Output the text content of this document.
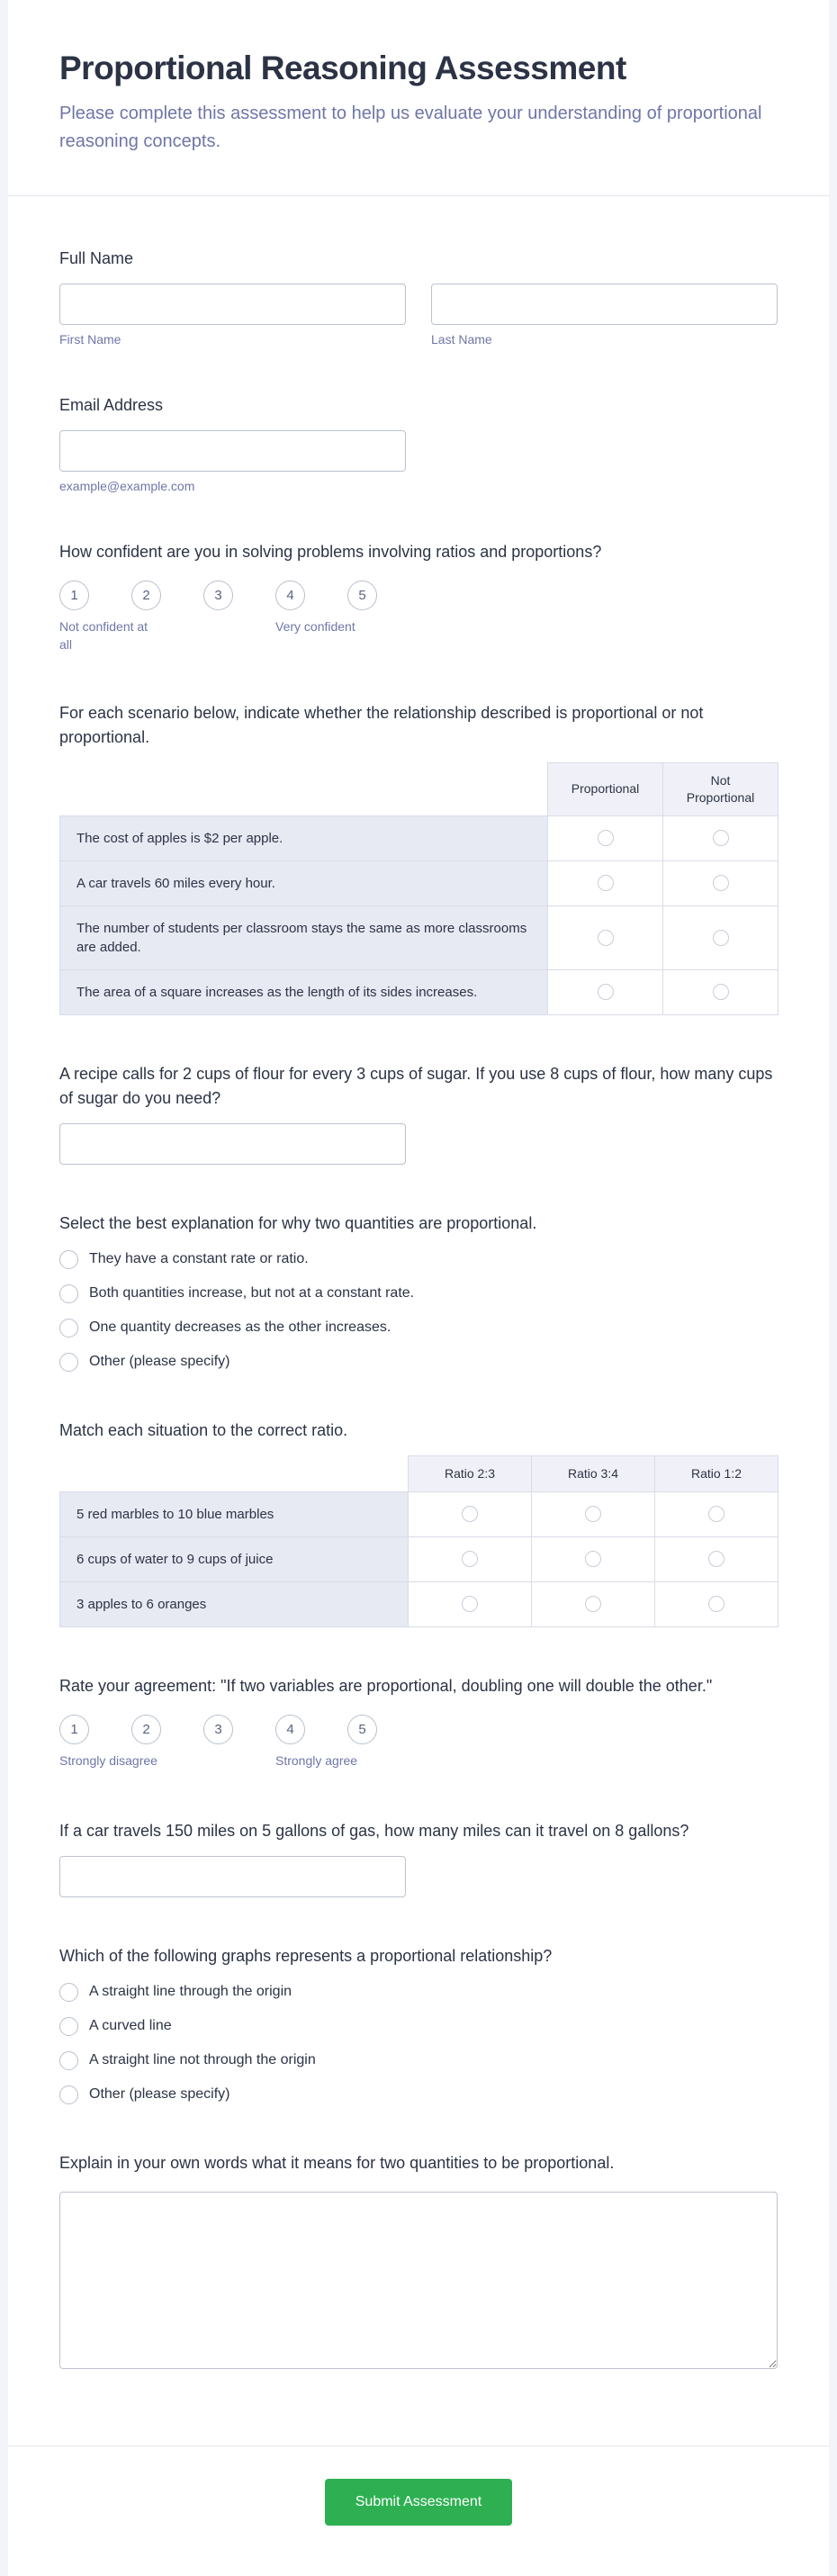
Proportional Reasoning Assessment

Please complete this assessment to help us evaluate your understanding of proportional reasoning concepts.

Full Name
First Name	Last Name
Email Address
example@example.com
How confident are you in solving problems involving ratios and proportions?
1	2	3	4	5
Not confident at all
Very confident
For each scenario below, indicate whether the relationship described is proportional or not proportional.
	Proportional	Not Proportional
The cost of apples is $2 per apple.		
A car travels 60 miles every hour.		
The number of students per classroom stays the same as more classrooms are added.		
The area of a square increases as the length of its sides increases.		
A recipe calls for 2 cups of flour for every 3 cups of sugar. If you use 8 cups of flour, how many cups of sugar do you need?
Select the best explanation for why two quantities are proportional.
They have a constant rate or ratio.
Both quantities increase, but not at a constant rate.
One quantity decreases as the other increases.
Other (please specify)
Match each situation to the correct ratio.
	Ratio 2:3	Ratio 3:4	Ratio 1:2
5 red marbles to 10 blue marbles			
6 cups of water to 9 cups of juice			
3 apples to 6 oranges			
Rate your agreement: "If two variables are proportional, doubling one will double the other."
1	2	3	4	5
Strongly disagree	Strongly agree
If a car travels 150 miles on 5 gallons of gas, how many miles can it travel on 8 gallons?
Which of the following graphs represents a proportional relationship?
A straight line through the origin
A curved line
A straight line not through the origin
Other (please specify)
Explain in your own words what it means for two quantities to be proportional.
Submit Assessment
